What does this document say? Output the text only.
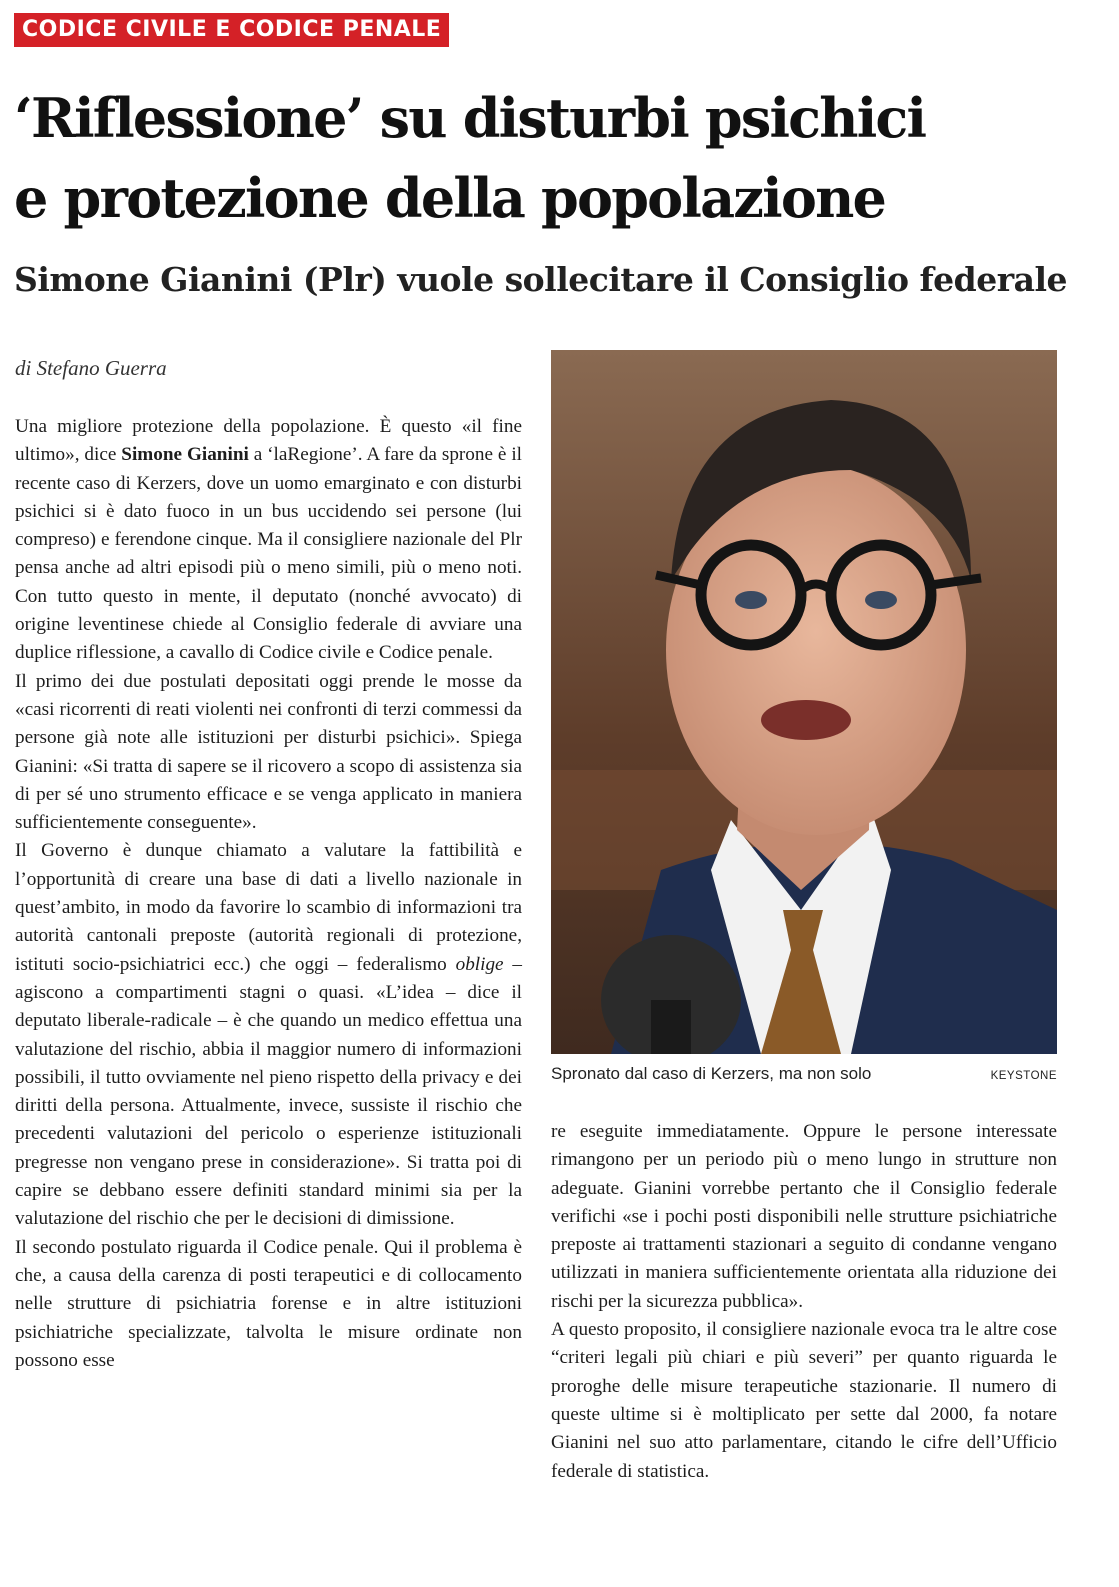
CODICE CIVILE E CODICE PENALE
‘Riflessione’ su disturbi psichici
e protezione della popolazione
Simone Gianini (Plr) vuole sollecitare il Consiglio federale
di Stefano Guerra

Una migliore protezione della popolazione. È questo «il fine ultimo», dice Simone Gianini a ‘laRegione’. A fare da sprone è il recente caso di Kerzers, dove un uomo emarginato e con disturbi psichici si è dato fuoco in un bus uccidendo sei persone (lui compreso) e ferendone cinque. Ma il consigliere nazionale del Plr pensa anche ad altri episodi più o meno simili, più o meno noti. Con tutto questo in mente, il deputato (nonché avvocato) di origine leventinese chiede al Consiglio federale di avviare una duplice riflessione, a cavallo di Codice civile e Codice penale.

Il primo dei due postulati depositati oggi prende le mosse da «casi ricorrenti di reati violenti nei confronti di terzi commessi da persone già note alle istituzioni per disturbi psichici». Spiega Gianini: «Si tratta di sapere se il ricovero a scopo di assistenza sia di per sé uno strumento efficace e se venga applicato in maniera sufficientemente conseguente».

Il Governo è dunque chiamato a valutare la fattibilità e l’opportunità di creare una base di dati a livello nazionale in quest’ambito, in modo da favorire lo scambio di informazioni tra autorità cantonali preposte (autorità regionali di protezione, istituti socio-psichiatrici ecc.) che oggi – federalismo oblige – agiscono a compartimenti stagni o quasi. «L’idea – dice il deputato liberale-radicale – è che quando un medico effettua una valutazione del rischio, abbia il maggior numero di informazioni possibili, il tutto ovviamente nel pieno rispetto della privacy e dei diritti della persona. Attualmente, invece, sussiste il rischio che precedenti valutazioni del pericolo o esperienze istituzionali pregresse non vengano prese in considerazione». Si tratta poi di capire se debbano essere definiti standard minimi sia per la valutazione del rischio che per le decisioni di dimissione.

Il secondo postulato riguarda il Codice penale. Qui il problema è che, a causa della carenza di posti terapeutici e di collocamento nelle strutture di psichiatria forense e in altre istituzioni psichiatriche specializzate, talvolta le misure ordinate non possono esse

Spronato dal caso di Kerzers, ma non solo	KEYSTONE

re eseguite immediatamente. Oppure le persone interessate rimangono per un periodo più o meno lungo in strutture non adeguate. Gianini vorrebbe pertanto che il Consiglio federale verifichi «se i pochi posti disponibili nelle strutture psichiatriche preposte ai trattamenti stazionari a seguito di condanne vengano utilizzati in maniera sufficientemente orientata alla riduzione dei rischi per la sicurezza pubblica».

A questo proposito, il consigliere nazionale evoca tra le altre cose “criteri legali più chiari e più severi” per quanto riguarda le proroghe delle misure terapeutiche stazionarie. Il numero di queste ultime si è moltiplicato per sette dal 2000, fa notare Gianini nel suo atto parlamentare, citando le cifre dell’Ufficio federale di statistica.
